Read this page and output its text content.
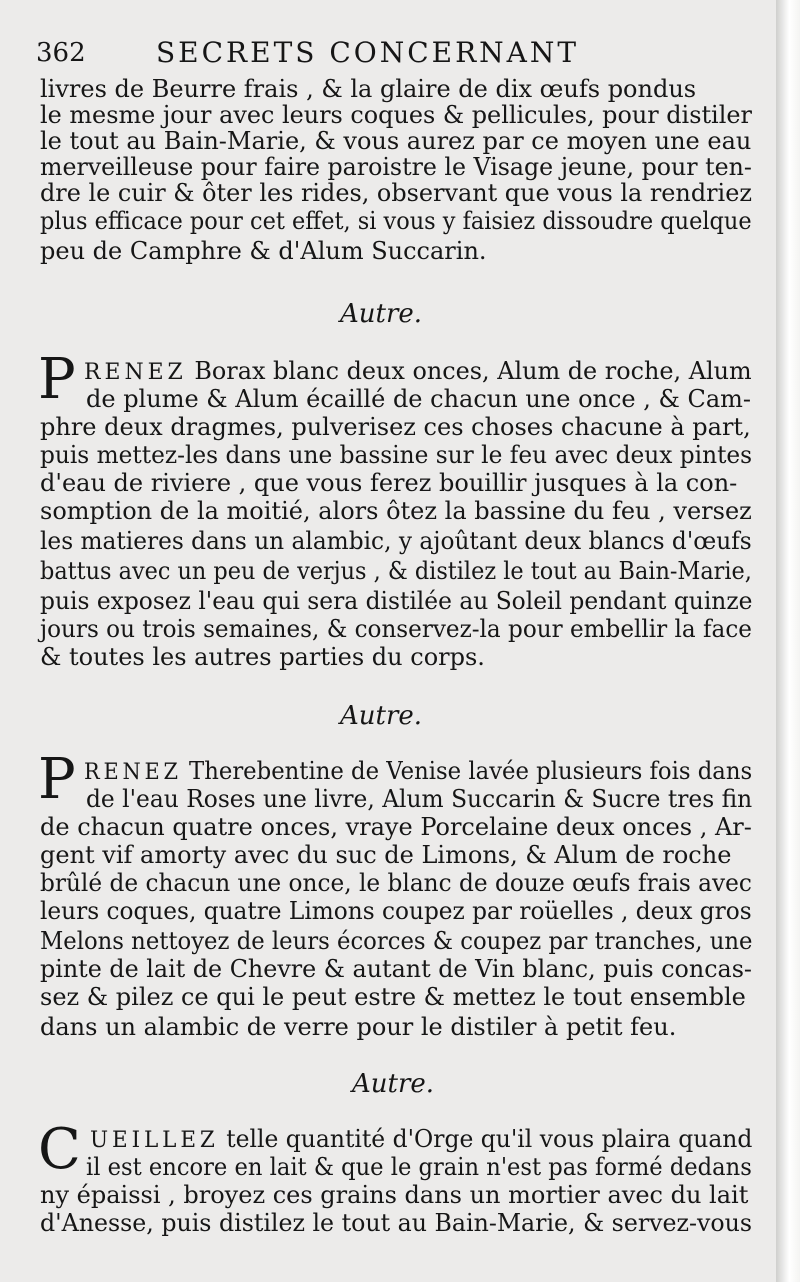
362	SECRETS CONCERNANT
livres de Beurre frais , & la glaire de dix œufs pondus
le mesme jour avec leurs coques & pellicules, pour distiler
le tout au Bain-Marie, & vous aurez par ce moyen une eau
merveilleuse pour faire paroistre le Visage jeune, pour ten-
dre le cuir & ôter les rides, observant que vous la rendriez
plus efficace pour cet effet, si vous y faisiez dissoudre quelque
peu de Camphre & d'Alum Succarin.
Autre.
P RENEZ Borax blanc deux onces, Alum de roche, Alum
de plume & Alum écaillé de chacun une once , & Cam-
phre deux dragmes, pulverisez ces choses chacune à part,
puis mettez-les dans une bassine sur le feu avec deux pintes
d'eau de riviere , que vous ferez bouillir jusques à la con-
somption de la moitié, alors ôtez la bassine du feu , versez
les matieres dans un alambic, y ajoûtant deux blancs d'œufs
battus avec un peu de verjus , & distilez le tout au Bain-Marie,
puis exposez l'eau qui sera distilée au Soleil pendant quinze
jours ou trois semaines, & conservez-la pour embellir la face
& toutes les autres parties du corps.
Autre.
P RENEZ Therebentine de Venise lavée plusieurs fois dans
de l'eau Roses une livre, Alum Succarin & Sucre tres fin
de chacun quatre onces, vraye Porcelaine deux onces , Ar-
gent vif amorty avec du suc de Limons, & Alum de roche
brûlé de chacun une once, le blanc de douze œufs frais avec
leurs coques, quatre Limons coupez par roüelles , deux gros
Melons nettoyez de leurs écorces & coupez par tranches, une
pinte de lait de Chevre & autant de Vin blanc, puis concas-
sez & pilez ce qui le peut estre & mettez le tout ensemble
dans un alambic de verre pour le distiler à petit feu.
Autre.
C UEILLEZ telle quantité d'Orge qu'il vous plaira quand
il est encore en lait & que le grain n'est pas formé dedans
ny épaissi , broyez ces grains dans un mortier avec du lait
d'Anesse, puis distilez le tout au Bain-Marie, & servez-vous
